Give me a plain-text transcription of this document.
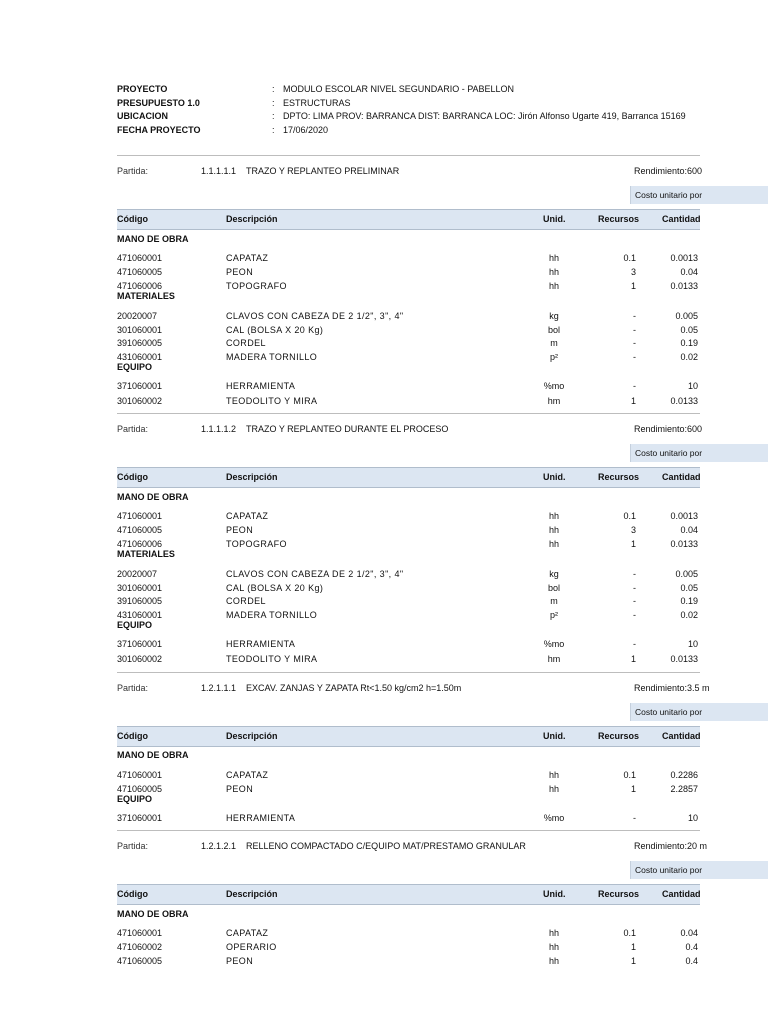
PROYECTO	: MODULO ESCOLAR NIVEL SEGUNDARIO - PABELLON
PRESUPUESTO 1.0	: ESTRUCTURAS
UBICACION	: DPTO: LIMA PROV: BARRANCA DIST: BARRANCA LOC: Jirón Alfonso Ugarte 419, Barranca 15169
FECHA PROYECTO	: 17/06/2020
Partida:	1.1.1.1.1 TRAZO Y REPLANTEO PRELIMINAR	Rendimiento:600
Costo unitario por
Código	Descripción	Unid.	Recursos	Cantidad
MANO DE OBRA
471060001	CAPATAZ	hh	0.1	0.0013
471060005	PEON	hh	3	0.04
471060006	TOPOGRAFO	hh	1	0.0133
MATERIALES
20020007	CLAVOS CON CABEZA DE 2 1/2", 3", 4"	kg	-	0.005
301060001	CAL (BOLSA X 20 Kg)	bol	-	0.05
391060005	CORDEL	m	-	0.19
431060001	MADERA TORNILLO	p²	-	0.02
EQUIPO
371060001	HERRAMIENTA	%mo	-	10
301060002	TEODOLITO Y MIRA	hm	1	0.0133
Partida:	1.1.1.1.2 TRAZO Y REPLANTEO DURANTE EL PROCESO	Rendimiento:600
Costo unitario por
Código	Descripción	Unid.	Recursos	Cantidad
MANO DE OBRA
471060001	CAPATAZ	hh	0.1	0.0013
471060005	PEON	hh	3	0.04
471060006	TOPOGRAFO	hh	1	0.0133
MATERIALES
20020007	CLAVOS CON CABEZA DE 2 1/2", 3", 4"	kg	-	0.005
301060001	CAL (BOLSA X 20 Kg)	bol	-	0.05
391060005	CORDEL	m	-	0.19
431060001	MADERA TORNILLO	p²	-	0.02
EQUIPO
371060001	HERRAMIENTA	%mo	-	10
301060002	TEODOLITO Y MIRA	hm	1	0.0133
Partida:	1.2.1.1.1 EXCAV. ZANJAS Y ZAPATA Rt<1.50 kg/cm2 h=1.50m	Rendimiento:3.5 m
Costo unitario por
Código	Descripción	Unid.	Recursos	Cantidad
MANO DE OBRA
471060001	CAPATAZ	hh	0.1	0.2286
471060005	PEON	hh	1	2.2857
EQUIPO
371060001	HERRAMIENTA	%mo	-	10
Partida:	1.2.1.2.1 RELLENO COMPACTADO C/EQUIPO MAT/PRESTAMO GRANULAR	Rendimiento:20 m
Costo unitario por
Código	Descripción	Unid.	Recursos	Cantidad
MANO DE OBRA
471060001	CAPATAZ	hh	0.1	0.04
471060002	OPERARIO	hh	1	0.4
471060005	PEON	hh	1	0.4
